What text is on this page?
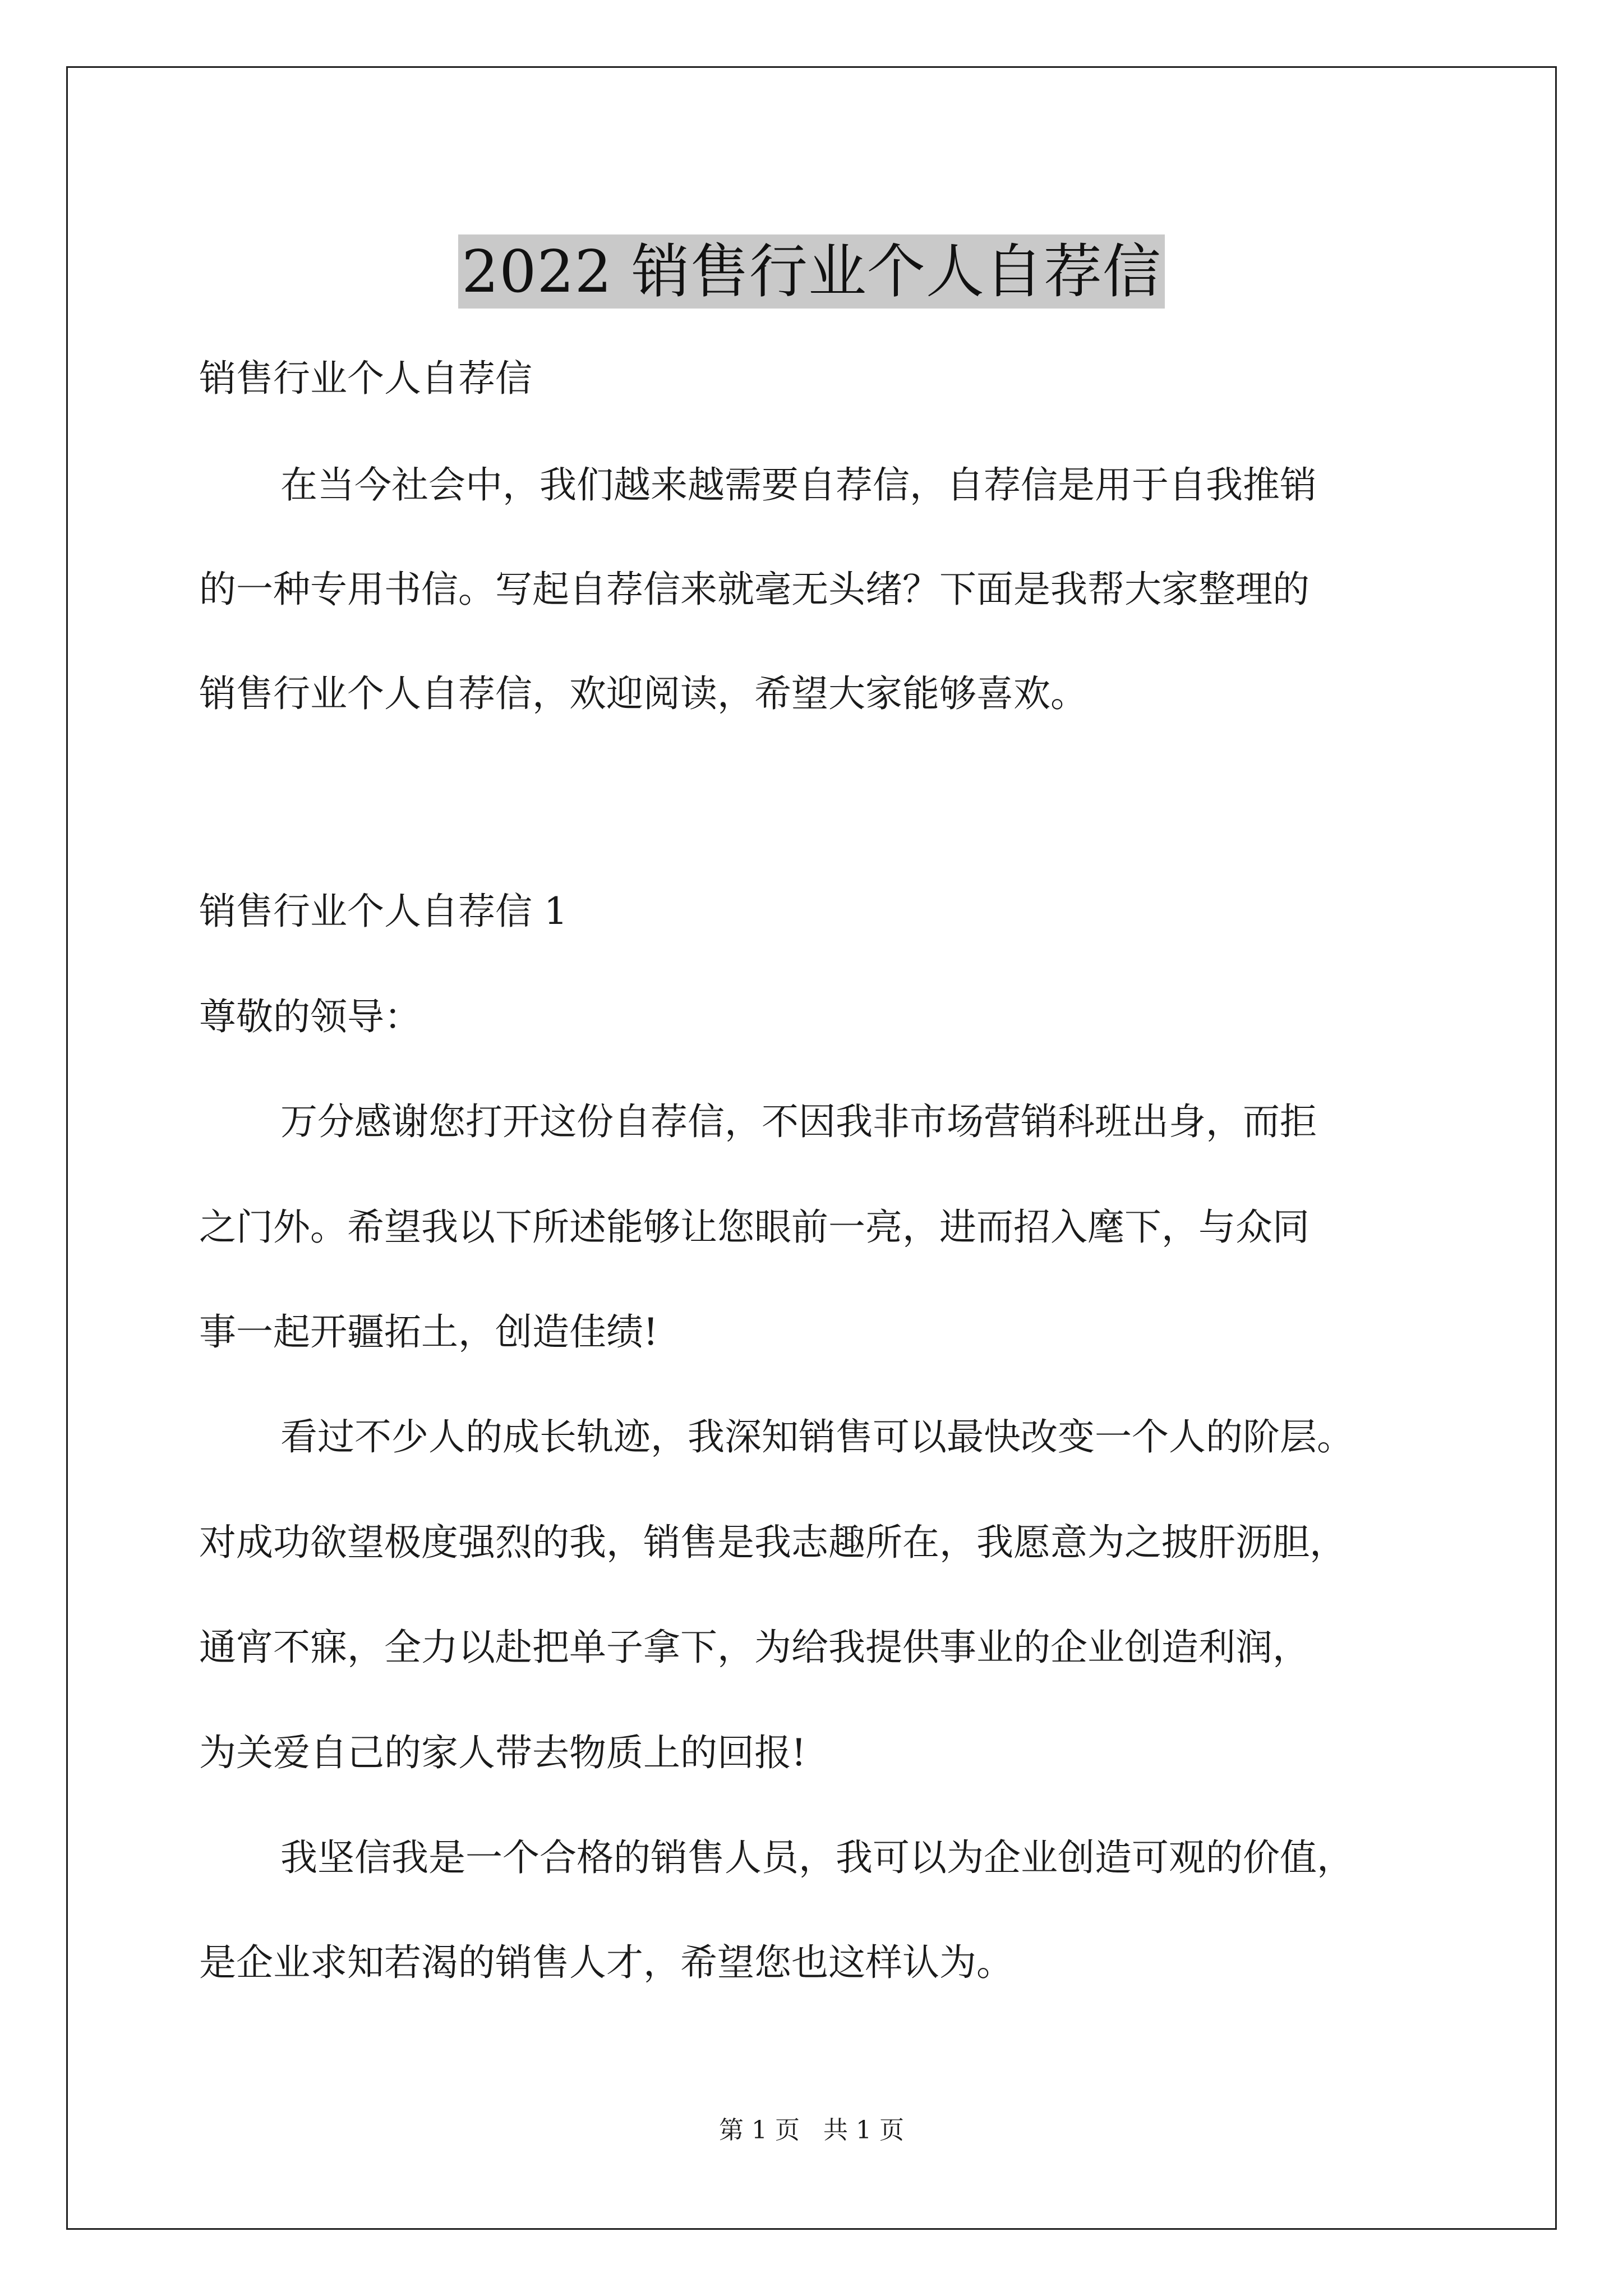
2022 销售行业个人自荐信
销售行业个人自荐信
在当今社会中，我们越来越需要自荐信，自荐信是用于自我推销
的一种专用书信。写起自荐信来就毫无头绪？下面是我帮大家整理的
销售行业个人自荐信，欢迎阅读，希望大家能够喜欢。
销售行业个人自荐信 1
尊敬的领导：
万分感谢您打开这份自荐信，不因我非市场营销科班出身，而拒
之门外。希望我以下所述能够让您眼前一亮，进而招入麾下，与众同
事一起开疆拓土，创造佳绩!
看过不少人的成长轨迹，我深知销售可以最快改变一个人的阶层。
对成功欲望极度强烈的我，销售是我志趣所在，我愿意为之披肝沥胆，
通宵不寐，全力以赴把单子拿下，为给我提供事业的企业创造利润，
为关爱自己的家人带去物质上的回报!
我坚信我是一个合格的销售人员，我可以为企业创造可观的价值，
是企业求知若渴的销售人才，希望您也这样认为。
第 1 页 共 1 页
